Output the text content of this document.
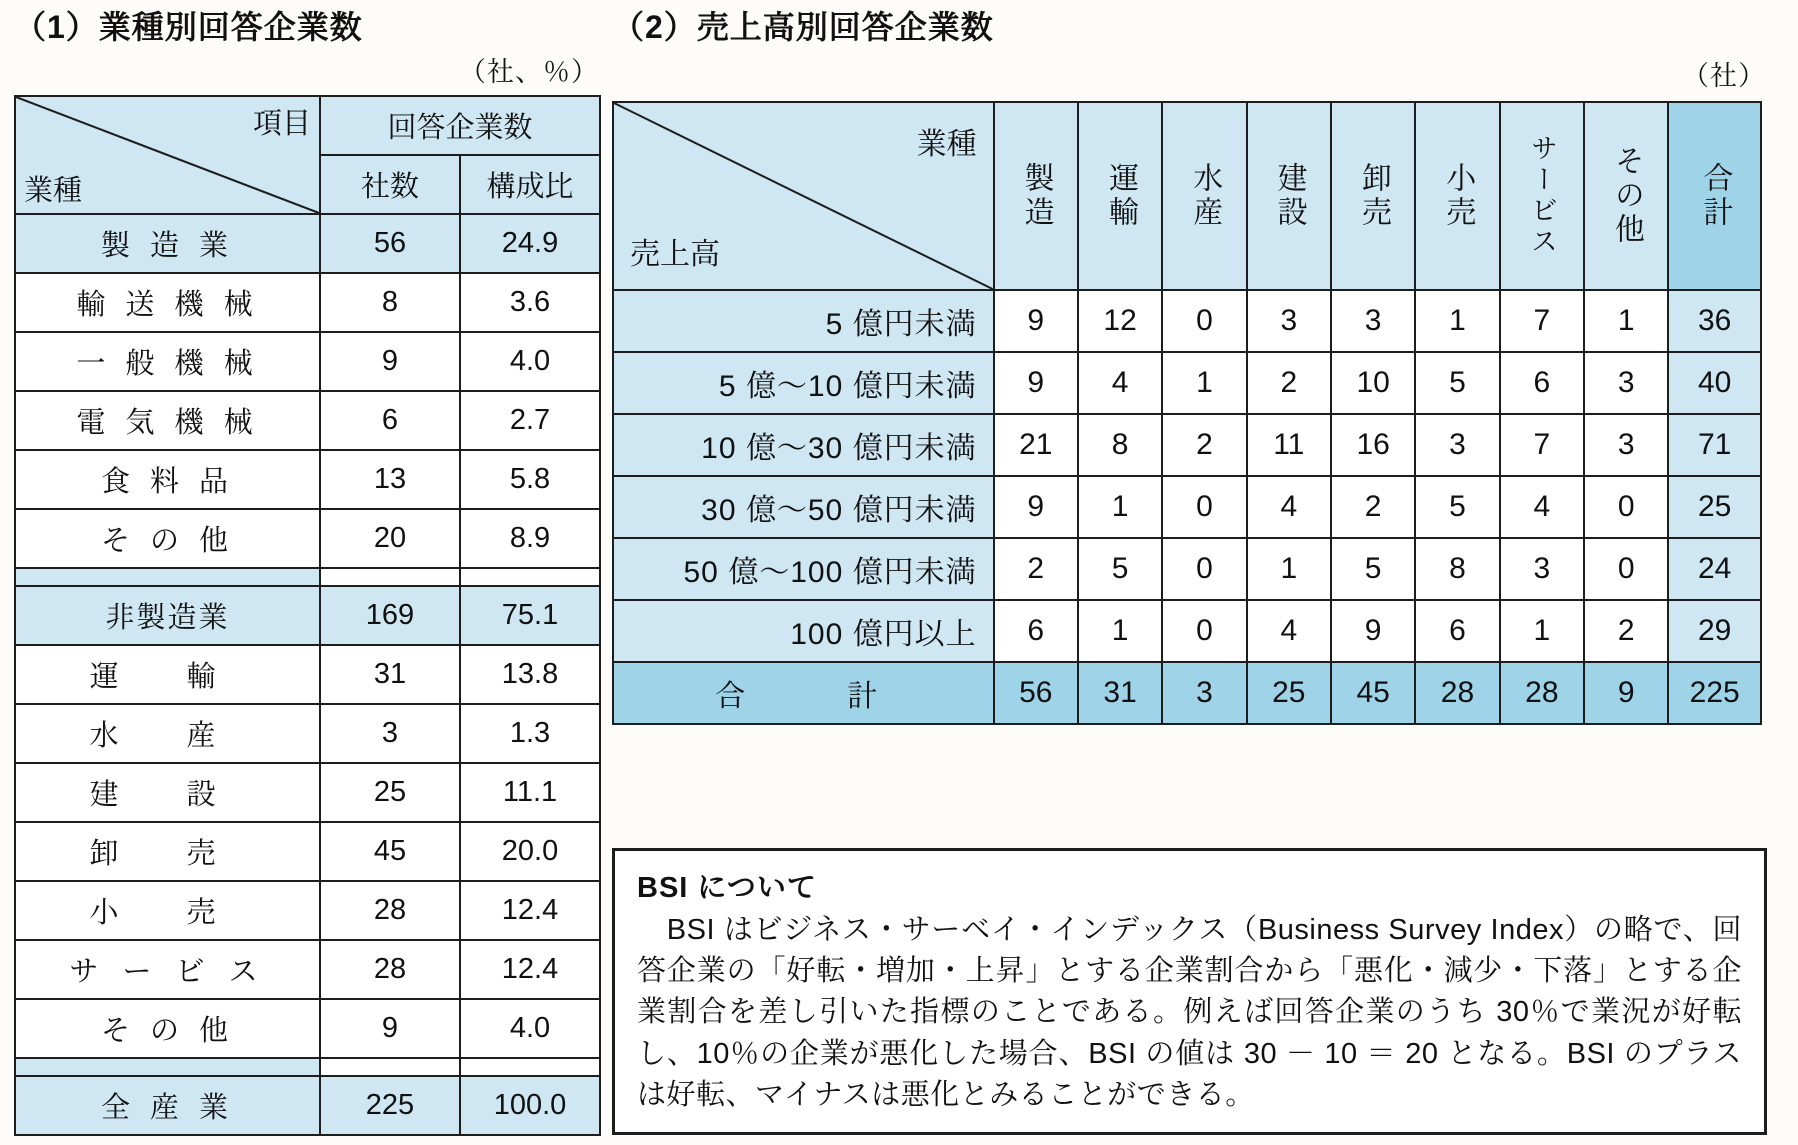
（1）業種別回答企業数
（社、％）
項目
業種	回答企業数	
	社数	構成比
製 造 業	56	24.9
輸 送 機 械	8	3.6
一 般 機 械	9	4.0
電 気 機 械	6	2.7
食 料 品	13	5.8
そ の 他	20	8.9

非製造業	169	75.1
運 輸	31	13.8
水 産	3	1.3
建 設	25	11.1
卸 売	45	20.0
小 売	28	12.4
サ ー ビ ス	28	12.4
そ の 他	9	4.0

全 産 業	225	100.0
（2）売上高別回答企業数
（社）
業種
売上高	製造	運輸	水産	建設	卸売	小売	サービス	その他	合計

5 億円未満	9	12	0	3	3	1	7	1	36
5 億〜10 億円未満	9	4	1	2	10	5	6	3	40
10 億〜30 億円未満	21	8	2	11	16	3	7	3	71
30 億〜50 億円未満	9	1	0	4	2	5	4	0	25
50 億〜100 億円未満	2	5	0	1	5	8	3	0	24
100 億円以上	6	1	0	4	9	6	1	2	29
合　　計	56	31	3	25	45	28	28	9	225
BSI について

　BSI はビジネス・サーベイ・インデックス（Business Survey Index）の略で、回答企業の「好転・増加・上昇」とする企業割合から「悪化・減少・下落」とする企業割合を差し引いた指標のことである。例えば回答企業のうち 30％で業況が好転し、10％の企業が悪化した場合、BSI の値は 30 － 10 ＝ 20 となる。BSI のプラスは好転、マイナスは悪化とみることができる。
